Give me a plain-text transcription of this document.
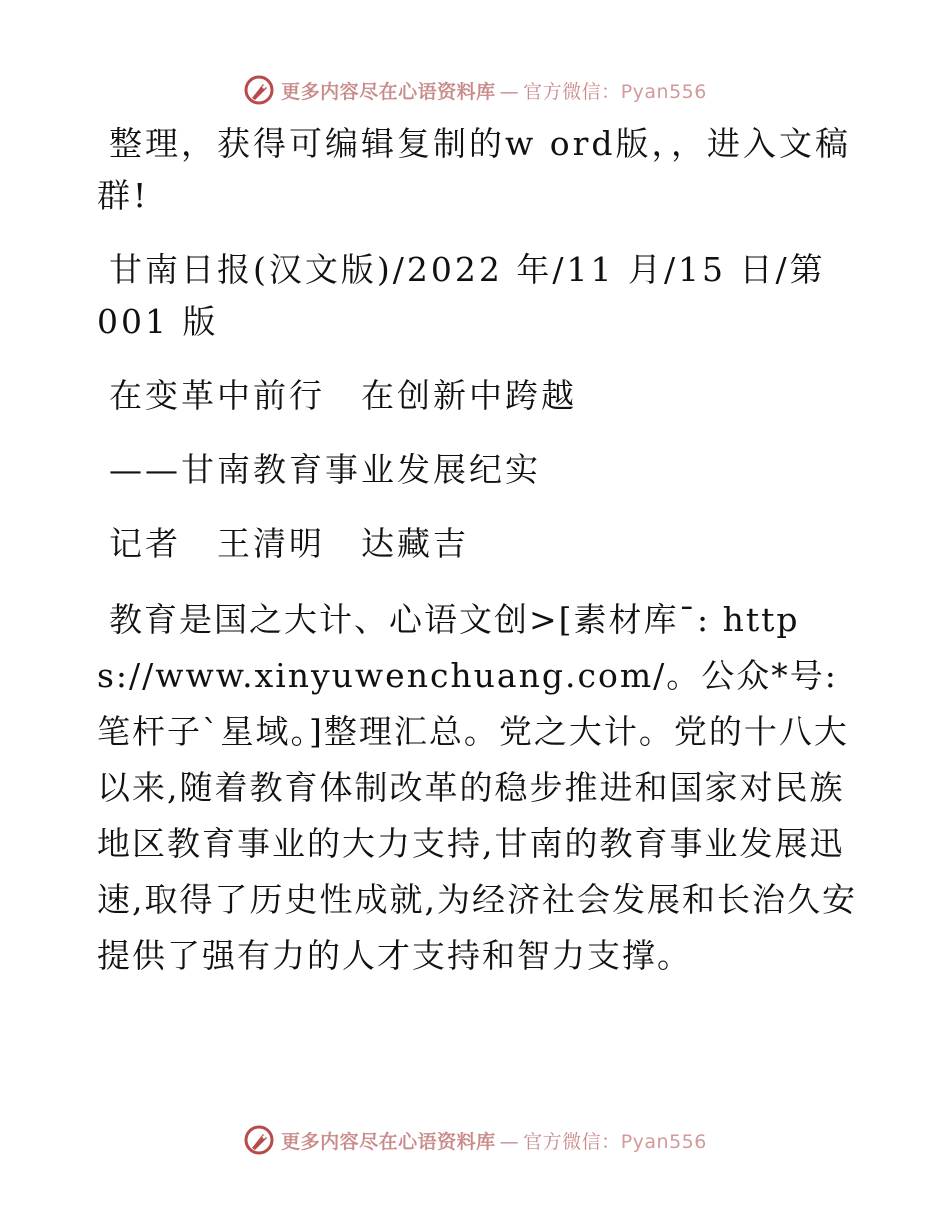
更多内容尽在心语资料库 — 官方微信：Pyan556

整理，获得可编辑复制的w ord版，，进入文稿群!

甘南日报(汉文版)/2022 年/11 月/15 日/第 001 版

在变革中前行　在创新中跨越

——甘南教育事业发展纪实

记者　王清明　达藏吉

教育是国之大计、心语文创>[素材库¯: https://www.xinyuwenchuang.com/。公众*号: 笔杆子`星域。]整理汇总。党之大计。党的十八大以来,随着教育体制改革的稳步推进和国家对民族地区教育事业的大力支持,甘南的教育事业发展迅速,取得了历史性成就,为经济社会发展和长治久安提供了强有力的人才支持和智力支撑。

更多内容尽在心语资料库 — 官方微信：Pyan556
